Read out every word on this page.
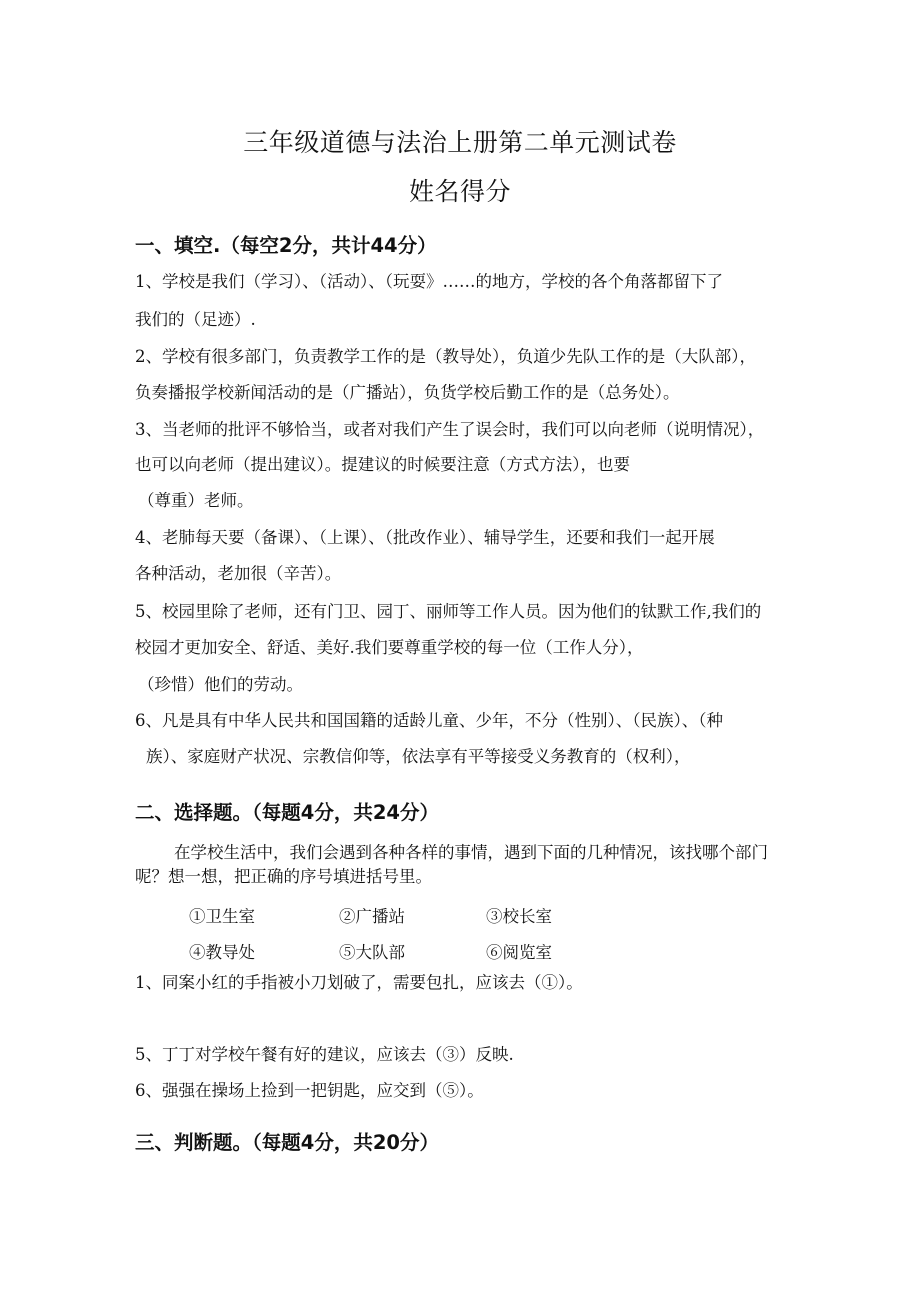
三年级道德与法治上册第二单元测试卷
姓名得分
一、填空.（每空2分，共计44分）
1、学校是我们（学习）、（活动）、（玩耍》……的地方，学校的各个角落都留下了
我们的（足迹）.
2、学校有很多部门，负责教学工作的是（教导处），负道少先队工作的是（大队部），
负奏播报学校新闻活动的是（广播站），负货学校后勤工作的是（总务处）。
3、当老师的批评不够恰当，或者对我们产生了误会时，我们可以向老师（说明情况），
也可以向老师（提出建议）。提建议的时候要注意（方式方法），也要
（尊重）老师。
4、老肺每天要（备课）、（上课）、（批改作业）、辅导学生，还要和我们一起开展
各种活动，老加很（辛苦）。
5、校园里除了老师，还有门卫、园丁、丽师等工作人员。因为他们的钛默工作,我们的
校园才更加安全、舒适、美好.我们要尊重学校的每一位（工作人分），
（珍惜）他们的劳动。
6、凡是具有中华人民共和国国籍的适龄儿童、少年，不分（性别）、（民族）、（种
族）、家庭财产状况、宗教信仰等，依法享有平等接受义务教育的（权利），
二、选择题。（每题4分，共24分）
在学校生活中，我们会遇到各种各样的事情，遇到下面的几种情况，该找哪个部门
呢？想一想，把正确的序号填进括号里。
①卫生室	②广播站	③校长室
④教导处	⑤大队部	⑥阅览室
1、同案小红的手指被小刀划破了，需要包扎，应该去（①）。
5、丁丁对学校午餐有好的建议，应该去（③）反映.
6、强强在操场上捡到一把钥匙，应交到（⑤）。
三、判断题。（每题4分，共20分）
